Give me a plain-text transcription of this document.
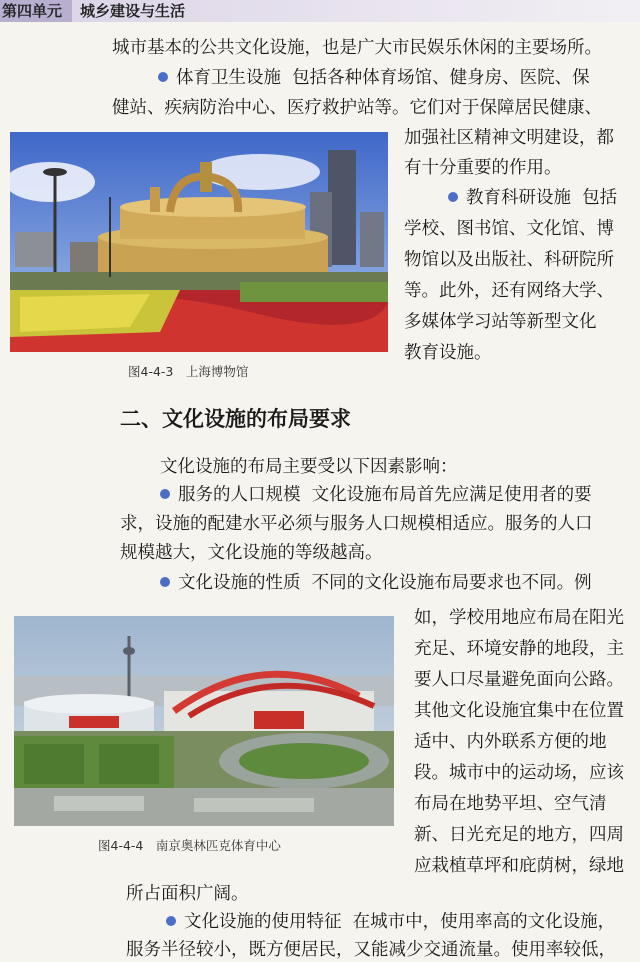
第四单元	城乡建设与生活
城市基本的公共文化设施，也是广大市民娱乐休闲的主要场所。
体育卫生设施 包括各种体育场馆、健身房、医院、保
健站、疾病防治中心、医疗救护站等。它们对于保障居民健康、
加强社区精神文明建设，都
有十分重要的作用。
教育科研设施 包括
学校、图书馆、文化馆、博
物馆以及出版社、科研院所
等。此外，还有网络大学、
多媒体学习站等新型文化
教育设施。
图4-4-3　上海博物馆
二、文化设施的布局要求
文化设施的布局主要受以下因素影响：
服务的人口规模 文化设施布局首先应满足使用者的要
求，设施的配建水平必须与服务人口规模相适应。服务的人口
规模越大，文化设施的等级越高。
文化设施的性质 不同的文化设施布局要求也不同。例
如，学校用地应布局在阳光
充足、环境安静的地段，主
要人口尽量避免面向公路。
其他文化设施宜集中在位置
适中、内外联系方便的地
段。城市中的运动场，应该
布局在地势平坦、空气清
新、日光充足的地方，四周
应栽植草坪和庇荫树，绿地
所占面积广阔。
文化设施的使用特征 在城市中，使用率高的文化设施，
服务半径较小，既方便居民，又能减少交通流量。使用率较低，
图4-4-4　南京奥林匹克体育中心
